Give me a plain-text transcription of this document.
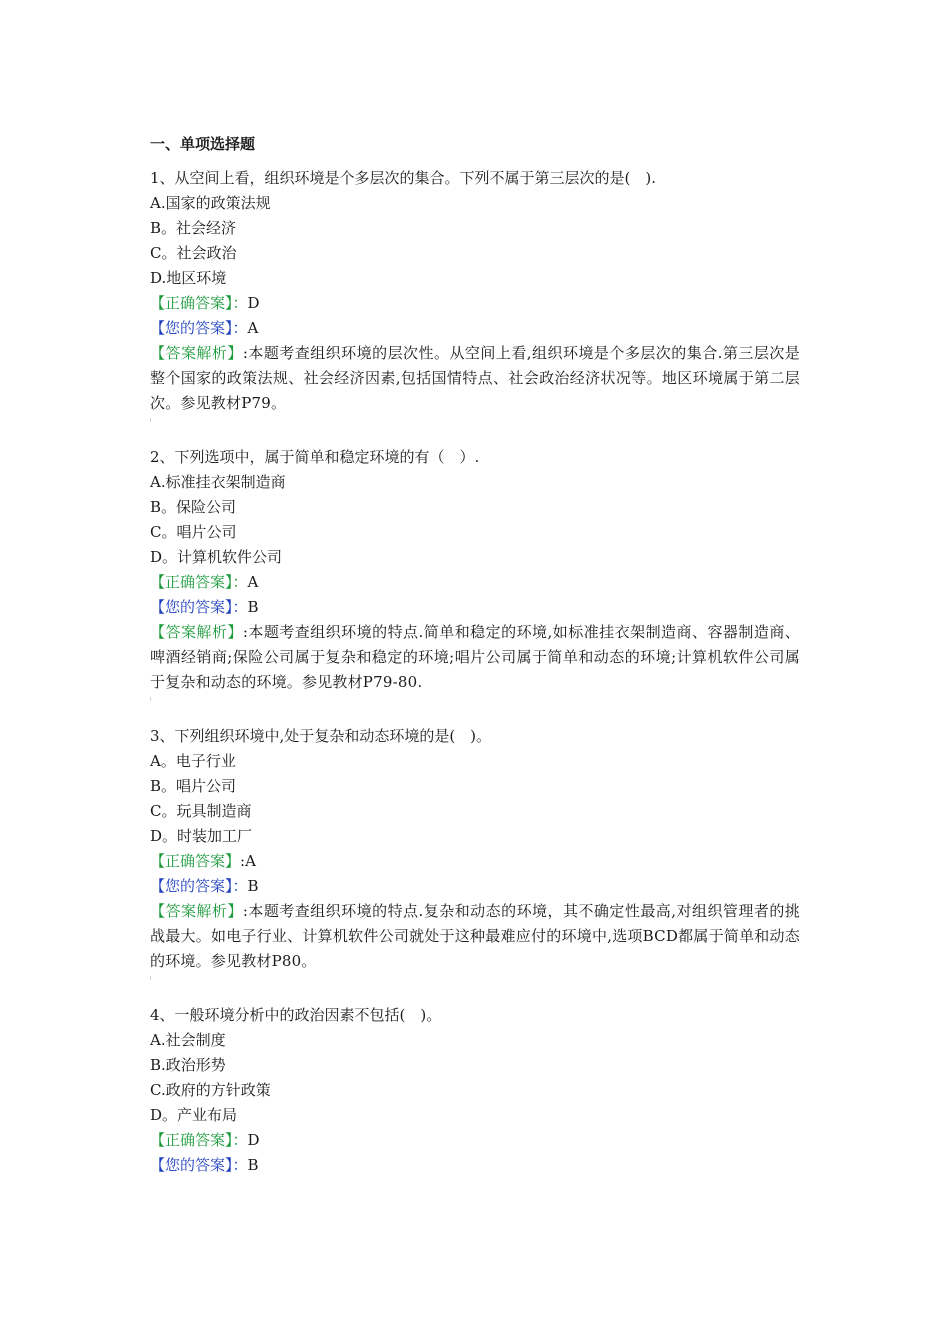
一、单项选择题
1、从空间上看，组织环境是个多层次的集合。下列不属于第三层次的是(　).
A.国家的政策法规
B。社会经济
C。社会政治
D.地区环境
【正确答案】：D
【您的答案】：A
【答案解析】:本题考查组织环境的层次性。从空间上看,组织环境是个多层次的集合.第三层次是整个国家的政策法规、社会经济因素,包括国情特点、社会政治经济状况等。地区环境属于第二层次。参见教材P79。
2、下列选项中，属于简单和稳定环境的有（　）.
A.标准挂衣架制造商
B。保险公司
C。唱片公司
D。计算机软件公司
【正确答案】：A
【您的答案】：B
【答案解析】:本题考查组织环境的特点.简单和稳定的环境,如标准挂衣架制造商、容器制造商、啤酒经销商;保险公司属于复杂和稳定的环境;唱片公司属于简单和动态的环境;计算机软件公司属于复杂和动态的环境。参见教材P79-80.
3、下列组织环境中,处于复杂和动态环境的是(　)。
A。电子行业
B。唱片公司
C。玩具制造商
D。时装加工厂
【正确答案】:A
【您的答案】：B
【答案解析】:本题考查组织环境的特点.复杂和动态的环境，其不确定性最高,对组织管理者的挑战最大。如电子行业、计算机软件公司就处于这种最难应付的环境中,选项BCD都属于简单和动态的环境。参见教材P80。
4、一般环境分析中的政治因素不包括(　)。
A.社会制度
B.政治形势
C.政府的方针政策
D。产业布局
【正确答案】：D
【您的答案】：B
